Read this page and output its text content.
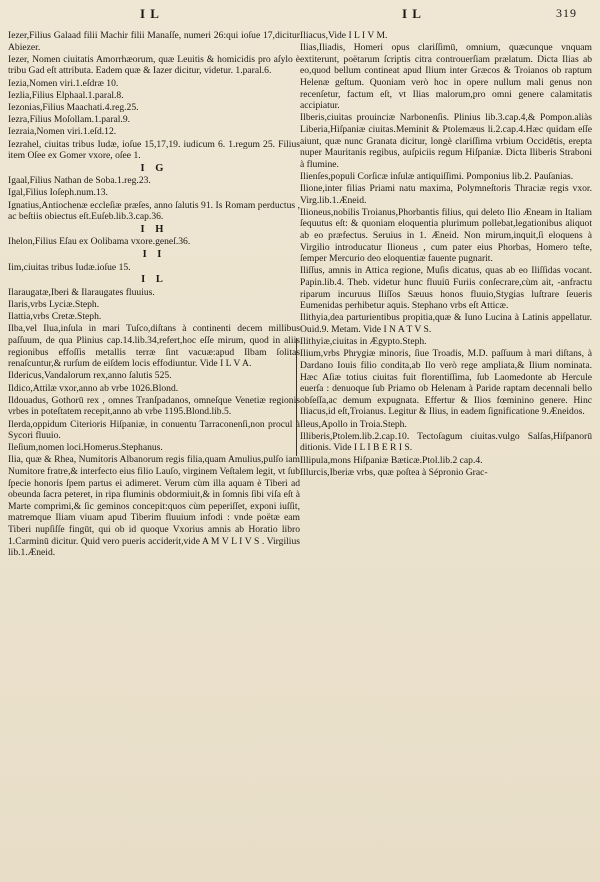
I L	I L	319

Iezer,Filius Galaad filii Machir filii Manaſſe, numeri 26:qui ioſue 17,dicitur Abiezer.

Iezer, Nomen ciuitatis Amorrhæorum, quæ Leuitis & homicidis pro aſylo è tribu Gad eſt attributa. Eadem quæ & Iazer dicitur, videtur. 1.paral.6.

Iezia,Nomen viri.1.eſdræ 10.

Iezlia,Filius Elphaal.1.paral.8.

Iezonias,Filius Maachati.4.reg.25.

Iezra,Filius Moſollam.1.paral.9.

Iezraia,Nomen viri.1.eſd.12.

Iezrahel, ciuitas tribus Iudæ, ioſue 15,17,19. iudicum 6. 1.regum 25. Filius item Oſee ex Gomer vxore, oſee 1.

I G

Igaal,Filius Nathan de Soba.1.reg.23.

Igal,Filius Ioſeph.num.13.

Ignatius,Antiochenæ eccleſiæ præſes, anno ſalutis 91. Is Romam perductus , ac beſtiis obiectus eſt.Euſeb.lib.3.cap.36.

I H

Ihelon,Filius Eſau ex Oolibama vxore.geneſ.36.

I I

Iim,ciuitas tribus Iudæ.ioſue 15.

I L

Ilaraugatæ,Iberi & Ilaraugates fluuius.

Ilaris,vrbs Lyciæ.Steph.

Ilattia,vrbs Cretæ.Steph.

Ilba,vel Ilua,inſula in mari Tuſco,diſtans à continenti decem millibus paſſuum, de qua Plinius cap.14.lib.34,refert,hoc eſſe mirum, quod in aliis regionibus effoſſis metallis terræ ſint vacuæ:apud Ilbam ſolitas renaſcuntur,& rurſum de eiſdem locis effodiuntur. Vide I L V A.

Ildericus,Vandalorum rex,anno ſalutis 525.

Ildico,Attilæ vxor,anno ab vrbe 1026.Blond.

Ildouadus, Gothorū rex , omnes Tranſpadanos, omneſque Venetiæ regionis vrbes in poteſtatem recepit,anno ab vrbe 1195.Blond.lib.5.

Ilerda,oppidum Citerioris Hiſpaniæ, in conuentu Tarraconenſi,non procul à Sycori fluuio.

Ileſium,nomen loci.Homerus.Stephanus.

Ilia, quæ & Rhea, Numitoris Albanorum regis filia,quam Amulius,pulſo iam Numitore fratre,& interfecto eius filio Lauſo, virginem Veſtalem legit, vt ſub ſpecie honoris ſpem partus ei adimeret. Verum cùm illa aquam è Tiberi ad obeunda ſacra peteret, in ripa fluminis obdormiuit,& in ſomnis ſibi viſa eſt à Marte comprimi,& ſic geminos concepit:quos cùm peperiſſet, exponi iuſſit, matremque Iliam viuam apud Tiberim fluuium infodi : vnde poëtæ eam Tiberi nupſiſſe fingūt, qui ob id quoque Vxorius amnis ab Horatio libro 1.Carminū dicitur. Quid vero pueris acciderit,vide A M V L I V S . Virgilius lib.1.Æneid.

Iliacus,Vide I L I V M.

Ilias,Iliadis, Homeri opus clariſſimū, omnium, quæcunque vnquam extiterunt, poëtarum ſcriptis citra controuerſiam prælatum. Dicta Ilias ab eo,quod bellum contineat apud Ilium inter Græcos & Troianos ob raptum Helenæ geſtum. Quoniam verò hoc in opere nullum mali genus non recenſetur, factum eſt, vt Ilias malorum,pro omni genere calamitatis accipiatur.

Ilberis,ciuitas prouinciæ Narbonenſis. Plinius lib.3.cap.4,& Pompon.aliàs Liberia,Hiſpaniæ ciuitas.Meminit & Ptolemæus li.2.cap.4.Hæc quidam eſſe aiunt, quæ nunc Granata dicitur, longè clariſſima vrbium Occidētis, erepta nuper Mauritanis regibus, auſpiciis regum Hiſpaniæ. Dicta Iliberis Straboni à flumine.

Ilienſes,populi Corſicæ inſulæ antiquiſſimi. Pomponius lib.2. Pauſanias.

Ilione,inter filias Priami natu maxima, Polymneſtoris Thraciæ regis vxor. Virg.lib.1.Æneid.

Ilioneus,nobilis Troianus,Phorbantis filius, qui deleto Ilio Æneam in Italiam ſequutus eſt: & quoniam eloquentia plurimum pollebat,legationibus aliquot ab eo præfectus. Seruius in 1. Æneid. Non mirum,inquit,ſi eloquens à Virgilio introducatur Ilioneus , cum pater eius Phorbas, Homero teſte, ſemper Mercurio deo eloquentiæ fauente pugnarit.

Iliſſus, amnis in Attica regione, Muſis dicatus, quas ab eo Iliſſidas vocant. Papin.lib.4. Theb. videtur hunc fluuiū Furiis conſecrare,cùm ait, -anfractu riparum incuruus Iliſſos Sæuus honos fluuio,Stygias luſtrare ſeueris Eumenidas perhibetur aquis. Stephano vrbs eſt Atticæ.

Ilithyia,dea parturientibus propitia,quæ & Iuno Lucina à Latinis appellatur. Ouid.9. Metam. Vide I N A T V S.

Ilithyiæ,ciuitas in Ægypto.Steph.

Ilium,vrbs Phrygiæ minoris, ſiue Troadis, M.D. paſſuum à mari diſtans, à Dardano Iouis filio condita,ab Ilo verò rege ampliata,& Ilium nominata. Hæc Aſiæ totius ciuitas fuit florentiſſima, ſub Laomedonte ab Hercule euerſa : denuoque ſub Priamo ob Helenam à Paride raptam decennali bello obſeſſa,ac demum expugnata. Effertur & Ilios fœminino genere. Hinc Iliacus,id eſt,Troianus. Legitur & Ilius, in eadem ſignificatione 9.Æneidos.

Ileus,Apollo in Troia.Steph.

Illiberis,Ptolem.lib.2.cap.10. Tectoſagum ciuitas.vulgo Salſas,Hiſpanorū ditionis. Vide I L I B E R I S.

Illipula,mons Hiſpaniæ Bæticæ.Ptol.lib.2 cap.4.

Illurcis,Iberiæ vrbs, quæ poſtea à Sépronio Grac-
